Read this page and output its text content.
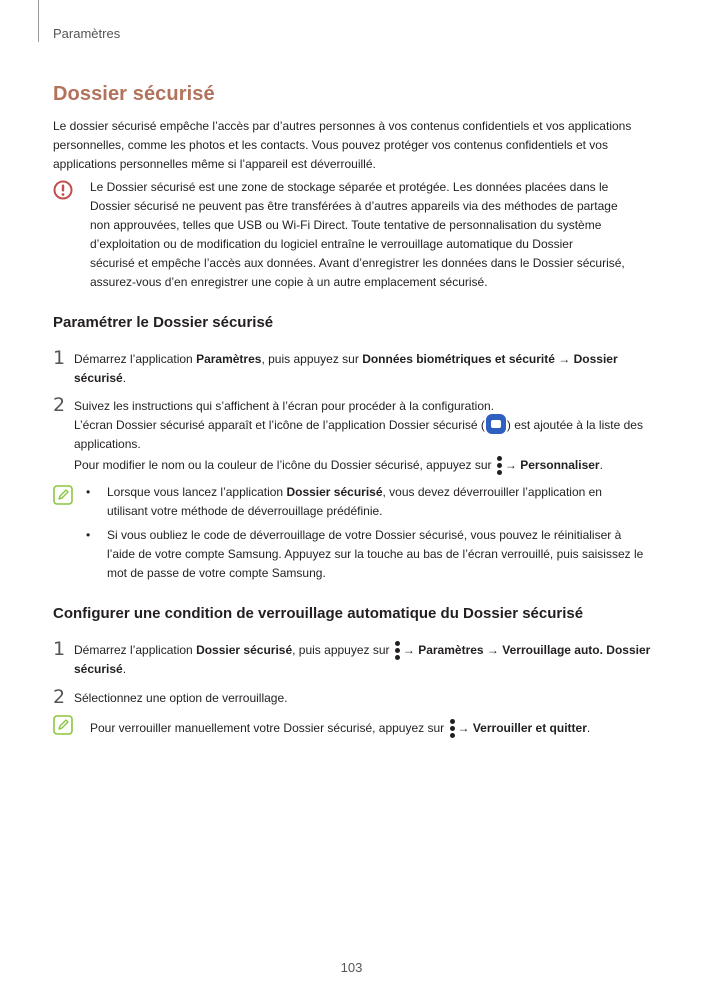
Paramètres
Dossier sécurisé
Le dossier sécurisé empêche l’accès par d’autres personnes à vos contenus confidentiels et vos applications
personnelles, comme les photos et les contacts. Vous pouvez protéger vos contenus confidentiels et vos
applications personnelles même si l’appareil est déverrouillé.
Le Dossier sécurisé est une zone de stockage séparée et protégée. Les données placées dans le
Dossier sécurisé ne peuvent pas être transférées à d’autres appareils via des méthodes de partage
non approuvées, telles que USB ou Wi-Fi Direct. Toute tentative de personnalisation du système
d’exploitation ou de modification du logiciel entraîne le verrouillage automatique du Dossier
sécurisé et empêche l’accès aux données. Avant d’enregistrer les données dans le Dossier sécurisé,
assurez-vous d’en enregistrer une copie à un autre emplacement sécurisé.
Paramétrer le Dossier sécurisé
1 Démarrez l’application Paramètres, puis appuyez sur Données biométriques et sécurité → Dossier

sécurisé.

2 Suivez les instructions qui s’affichent à l’écran pour procéder à la configuration.

L’écran Dossier sécurisé apparaît et l’icône de l’application Dossier sécurisé ( ) est ajoutée à la liste des

applications.

Pour modifier le nom ou la couleur de l’icône du Dossier sécurisé, appuyez sur
→ Personnaliser.

• Lorsque vous lancez l’application Dossier sécurisé, vous devez déverrouiller l’application en
utilisant votre méthode de déverrouillage prédéfinie.
• Si vous oubliez le code de déverrouillage de votre Dossier sécurisé, vous pouvez le réinitialiser à
l’aide de votre compte Samsung. Appuyez sur la touche au bas de l’écran verrouillé, puis saisissez le
mot de passe de votre compte Samsung.
Configurer une condition de verrouillage automatique du Dossier sécurisé
1 Démarrez l’application Dossier sécurisé, puis appuyez sur
→ Paramètres → Verrouillage auto. Dossier

sécurisé.

2 Sélectionnez une option de verrouillage.

Pour verrouiller manuellement votre Dossier sécurisé, appuyez sur
→ Verrouiller et quitter.
103
